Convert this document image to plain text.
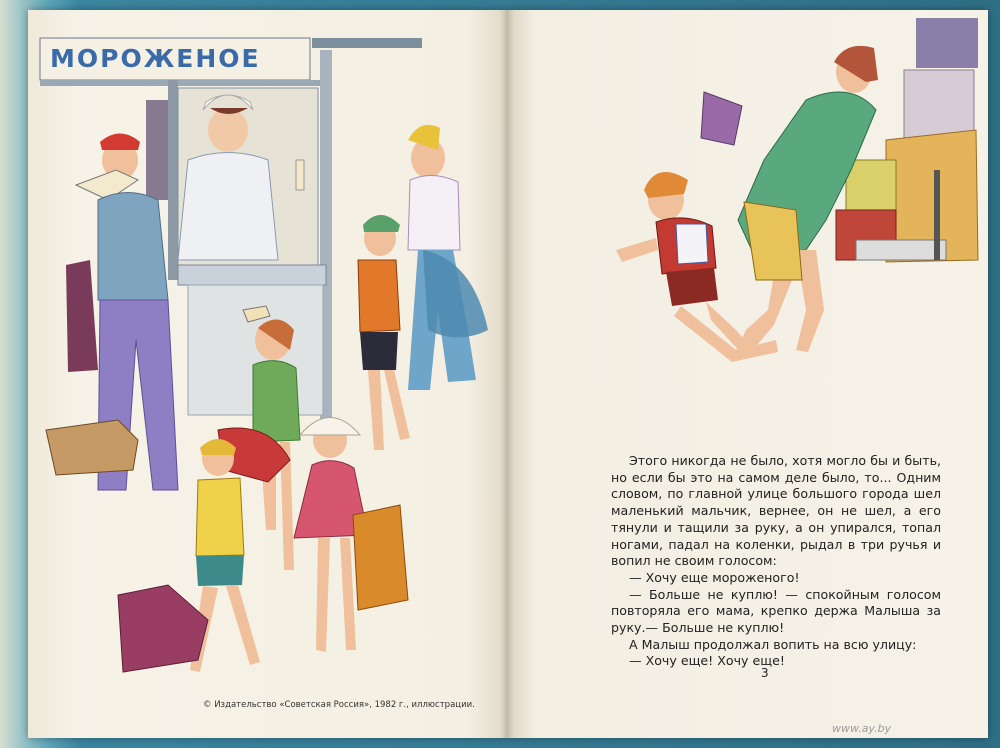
МОРОЖЕНОЕ
© Издательство «Советская Россия», 1982 г., иллюстрации.

Этого никогда не было, хотя могло бы и быть, но если бы это на самом деле было, то... Одним словом, по главной улице большого города шел маленький мальчик, вернее, он не шел, а его тянули и тащили за руку, а он упирался, топал ногами, падал на коленки, рыдал в три ручья и вопил не своим голосом:

— Хочу еще мороженого!

— Больше не куплю! — спокойным голосом повторяла его мама, крепко держа Малыша за руку.— Больше не куплю!

А Малыш продолжал вопить на всю улицу:

— Хочу еще! Хочу еще!

3
www.ay.by
